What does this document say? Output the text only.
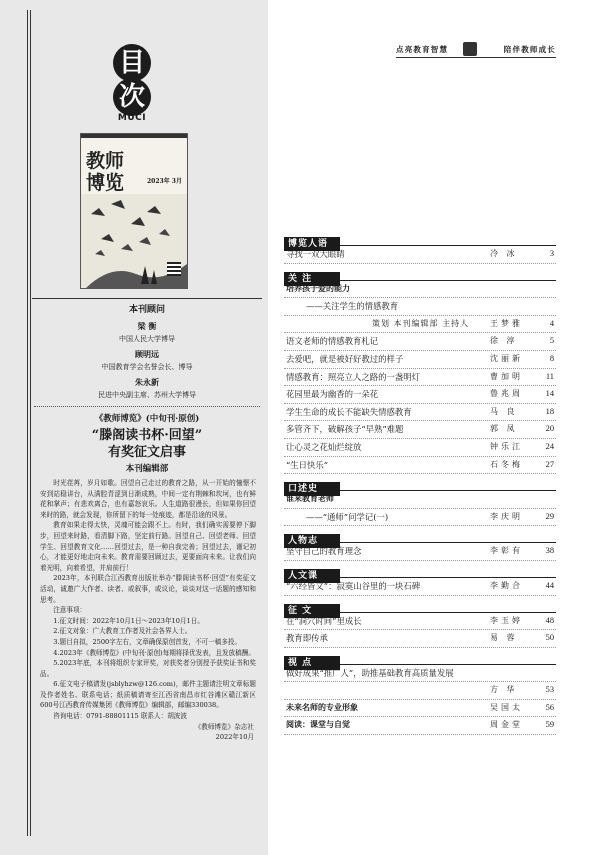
目
次
MUCI
教师
博览	2023年 3月
本刊顾问
梁 衡
中国人民大学博导
顾明远
中国教育学会名誉会长、博导
朱永新
民进中央副主席、苏州大学博导
《教师博览》(中旬刊·原创)
“滕阁读书杯·回望”
有奖征文启事
本刊编辑部

时光荏苒，岁月如歌。回望自己走过的教育之路，从一开始的憧憬不安到站稳讲台，从满腔青涩到日渐成熟，中间一定有荆棘和坎坷，也有鲜花和掌声；有悲欢离合，也有嘉怒哀乐。人生道路很漫长，但如果你回望来时的路，就会发现，你所留下的每一处痕迹，都是沿途的风景。

教育如果走得太快，灵魂可能会跟不上。有时，我们确实需要停下脚步，回望来时路，看清脚下路，坚定前行路。回望自己、回望老师、回望学生、回望教育文化……回望过去，是一种自我完善；回望过去，谨记初心，才能更好地走向未来。教育需要回顾过去，更要面向未来。让我们向着光明，向着希望，并肩前行！

2023年，本刊联合江西教育出版社举办“滕阁读书杯·回望”有奖征文活动，诚邀广大作者、读者、或叙事，或议论，谈谈对这一话题的感知和思考。

注意事项：

1.征文时间：2022年10月1日～2023年10月1日。

2.征文对象：广大教育工作者及社会各界人士。

3.题目自拟，2500字左右，文章确保原创首发，不可一稿多投。

4.2023年《教师博览》(中旬刊·原创)每期将择优发表，且发放稿酬。

5.2023年底，本刊将组织专家评奖，对获奖者分别授予获奖证书和奖品。

6.征文电子稿请发(jsblyhzw@126.com)，邮件主题请注明文章标题及作者姓名、联系电话；纸质稿请寄至江西省南昌市红谷滩区赣江新区600号江西教育传媒集团《教师博览》编辑部，邮编330038。

咨询电话：0791-88801115 联系人：胡波波

《教师博览》杂志社

2022年10月

点亮教育智慧	陪伴教师成长
博览人语
寻找一双大眼睛	冷 冰	3
关 注
培养孩子爱的能力
——关注学生的情感教育
策划 本刊编辑部 主持人	王梦雅	4
语文老师的情感教育札记	徐 淳	5
去爱吧，就是被好好教过的样子	沈丽新	8
情感教育：照亮立人之路的一盏明灯	曹加明	11
花园里最为幽香的一朵花	鲁兆周	14
学生生命的成长不能缺失情感教育	马 良	18
多管齐下，破解孩子“早熟”难题	郭 凤	20
让心灵之花灿烂绽放	钟乐江	24
“生日快乐”	石冬梅	27
口述史
谁来教育老师
——“通师”问学记(一)	李庆明	29
人物志
坚守自己的教育理念	李彰有	38
人文课
“六经皆文”：寂寞山谷里的一块石碑	李勤合	44
征 文
在“洞穴时间”里成长	李玉婷	48
教育即传承	易 蓉	50
视 点
做好成果“推广人”，助推基础教育高质量发展
方 华	53
未来名师的专业形象	吴国太	56
阅读：课堂与自觉	周金堂	59
